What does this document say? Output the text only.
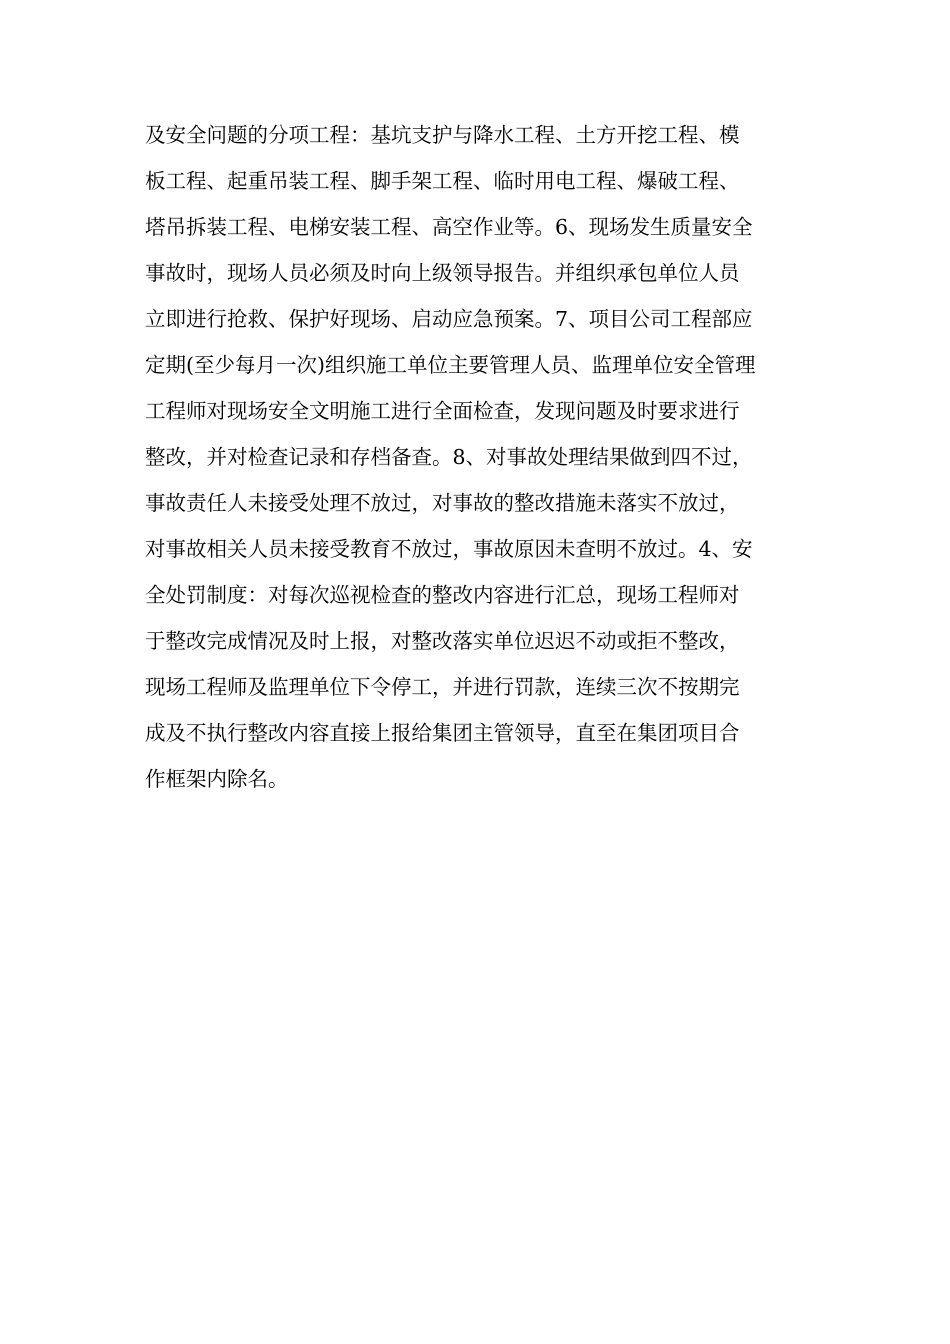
及安全问题的分项工程：基坑支护与降水工程、土方开挖工程、模
板工程、起重吊装工程、脚手架工程、临时用电工程、爆破工程、
塔吊拆装工程、电梯安装工程、高空作业等。6、现场发生质量安全
事故时，现场人员必须及时向上级领导报告。并组织承包单位人员
立即进行抢救、保护好现场、启动应急预案。7、项目公司工程部应
定期(至少每月一次)组织施工单位主要管理人员、监理单位安全管理
工程师对现场安全文明施工进行全面检查，发现问题及时要求进行
整改，并对检查记录和存档备查。8、对事故处理结果做到四不过，
事故责任人未接受处理不放过，对事故的整改措施未落实不放过，
对事故相关人员未接受教育不放过，事故原因未查明不放过。4、安
全处罚制度：对每次巡视检查的整改内容进行汇总，现场工程师对
于整改完成情况及时上报，对整改落实单位迟迟不动或拒不整改，
现场工程师及监理单位下令停工，并进行罚款，连续三次不按期完
成及不执行整改内容直接上报给集团主管领导，直至在集团项目合
作框架内除名。
